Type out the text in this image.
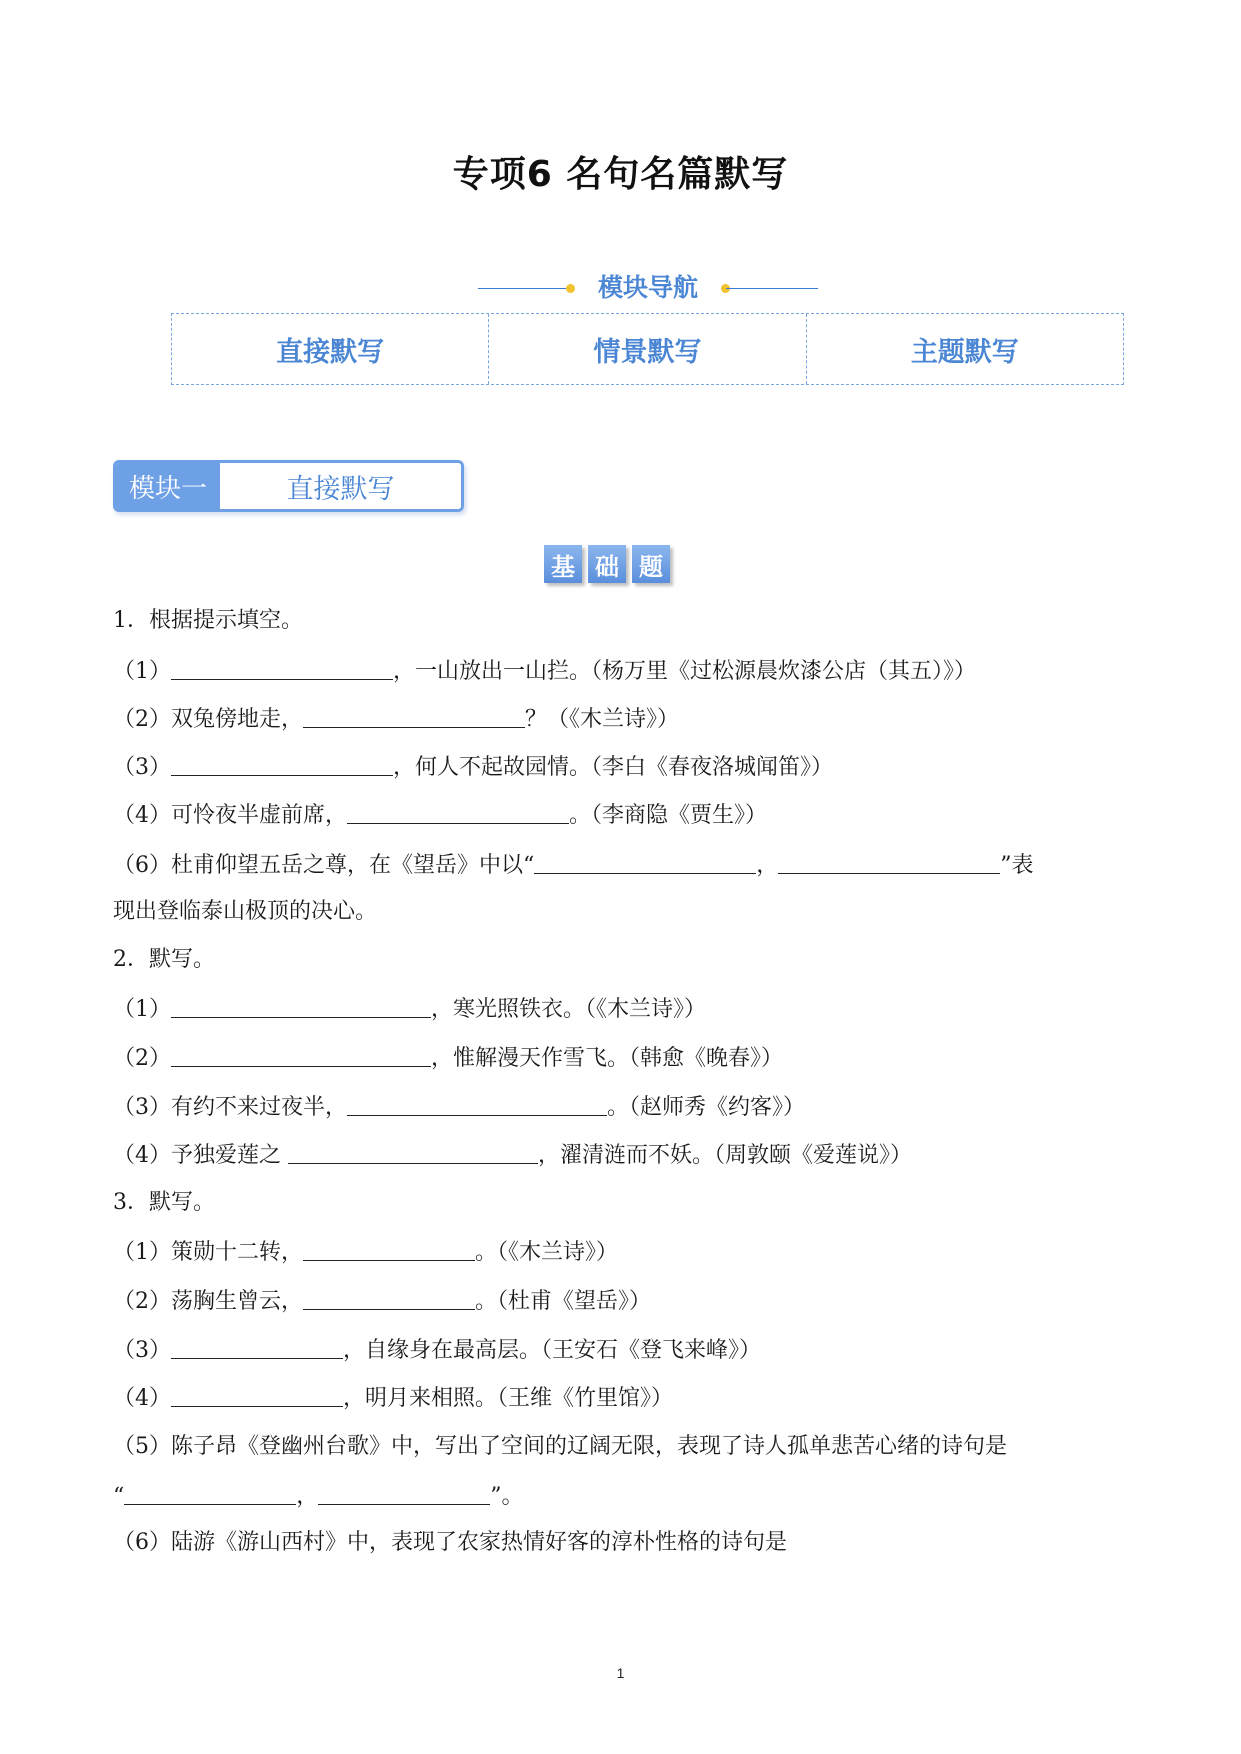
专项6 名句名篇默写
模块导航
直接默写	情景默写	主题默写
模块一	直接默写
基 础 题
1．根据提示填空。
（1）	，一山放出一山拦。（杨万里《过松源晨炊漆公店（其五）》）
（2）双兔傍地走，	？（《木兰诗》）
（3）	，何人不起故园情。（李白《春夜洛城闻笛》）
（4）可怜夜半虚前席，	。（李商隐《贾生》）
（6）杜甫仰望五岳之尊，在《望岳》中以“	，	”表
现出登临泰山极顶的决心。
2．默写。
（1）	，寒光照铁衣。（《木兰诗》）
（2）	，惟解漫天作雪飞。（韩愈《晚春》）
（3）有约不来过夜半，	。（赵师秀《约客》）
（4）予独爱莲之	，濯清涟而不妖。（周敦颐《爱莲说》）
3．默写。
（1）策勋十二转，	。（《木兰诗》）
（2）荡胸生曾云，	。（杜甫《望岳》）
（3）	，自缘身在最高层。（王安石《登飞来峰》）
（4）	，明月来相照。（王维《竹里馆》）
（5）陈子昂《登幽州台歌》中，写出了空间的辽阔无限，表现了诗人孤单悲苦心绪的诗句是
“	，	”。
（6）陆游《游山西村》中，表现了农家热情好客的淳朴性格的诗句是
1
